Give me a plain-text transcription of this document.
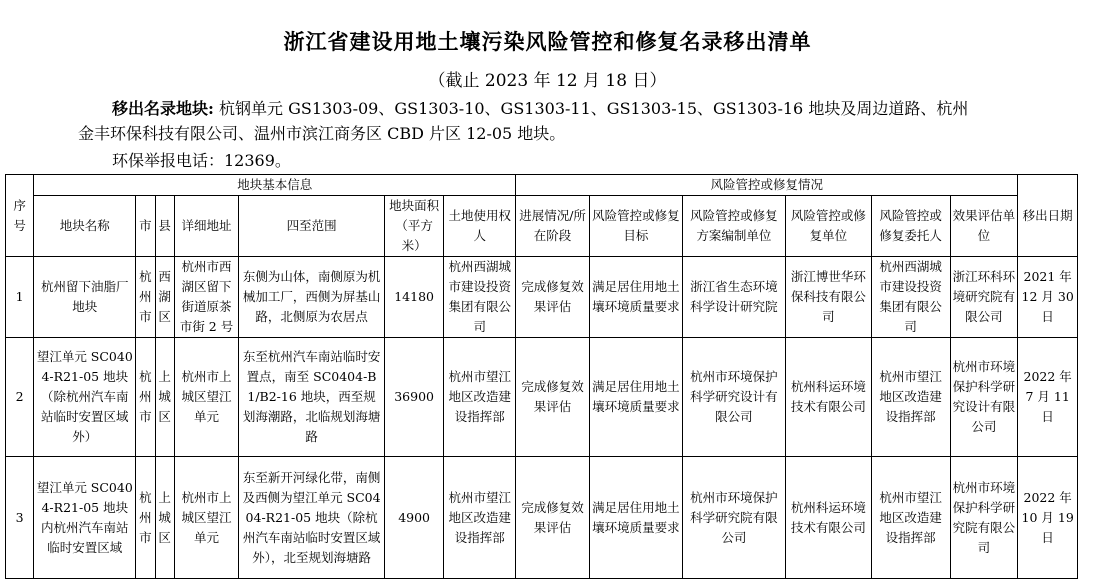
浙江省建设用地土壤污染风险管控和修复名录移出清单
（截止 2023 年 12 月 18 日）
移出名录地块: 杭钢单元 GS1303-09、GS1303-10、GS1303-11、GS1303-15、GS1303-16 地块及周边道路、杭州
金丰环保科技有限公司、温州市滨江商务区 CBD 片区 12-05 地块。
环保举报电话：12369。
序号	地块基本信息							风险管控或修复情况						移出日期
	地块名称	市	县	详细地址	四至范围	地块面积（平方米）	土地使用权人	进展情况/所在阶段	风险管控或修复目标	风险管控或修复方案编制单位	风险管控或修复单位	风险管控或修复委托人	效果评估单位	
1	杭州留下油脂厂地块	杭州市	西湖区	杭州市西湖区留下街道原茶市街 2 号	东侧为山体，南侧原为机械加工厂，西侧为屏基山路，北侧原为农居点	14180	杭州西湖城市建设投资集团有限公司	完成修复效果评估	满足居住用地土壤环境质量要求	浙江省生态环境科学设计研究院	浙江博世华环保科技有限公司	杭州西湖城市建设投资集团有限公司	浙江环科环境研究院有限公司	2021 年 12 月 30 日
2	望江单元 SC0404-R21-05 地块（除杭州汽车南站临时安置区域外）	杭州市	上城区	杭州市上城区望江单元	东至杭州汽车南站临时安置点，南至 SC0404-B1/B2-16 地块，西至规划海潮路，北临规划海塘路	36900	杭州市望江地区改造建设指挥部	完成修复效果评估	满足居住用地土壤环境质量要求	杭州市环境保护科学研究设计有限公司	杭州科运环境技术有限公司	杭州市望江地区改造建设指挥部	杭州市环境保护科学研究设计有限公司	2022 年 7 月 11 日
3	望江单元 SC0404-R21-05 地块内杭州汽车南站临时安置区域	杭州市	上城区	杭州市上城区望江单元	东至新开河绿化带，南侧及西侧为望江单元 SC0404-R21-05 地块（除杭州汽车南站临时安置区域外），北至规划海塘路	4900	杭州市望江地区改造建设指挥部	完成修复效果评估	满足居住用地土壤环境质量要求	杭州市环境保护科学研究院有限公司	杭州科运环境技术有限公司	杭州市望江地区改造建设指挥部	杭州市环境保护科学研究院有限公司	2022 年 10 月 19 日
